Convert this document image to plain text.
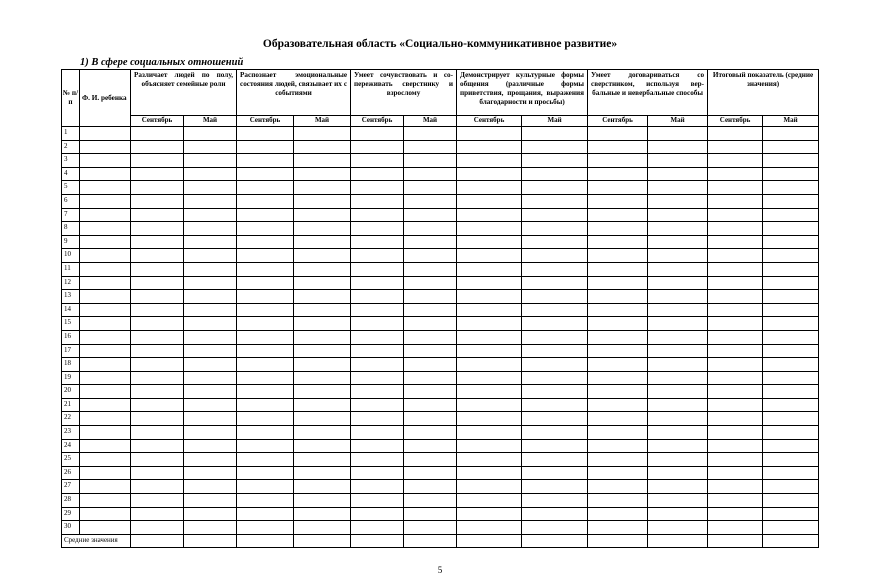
Образовательная область «Социально-коммуникативное развитие»
1) В сфере социальных отношений
№ п/п	Ф. И. ребенка	Различает людей по полу, объясняет семейные роли		Распознает эмоциональные состояния людей, связывает их с событиями		Умеет сочувствовать и сопереживать сверстнику и взрослому		Демонстрирует культурные формы общения (различные формы приветствия, прощания, выражения благодарности и просьбы)		Умеет договариваться со сверстником, используя вербальные и невербальные способы		Итоговый показатель (средние значения)	
		Сентябрь	Май	Сентябрь	Май	Сентябрь	Май	Сентябрь	Май	Сентябрь	Май	Сентябрь	Май
1													
2													
3													
4													
5													
6													
7													
8													
9													
10													
11													
12													
13													
14													
15													
16													
17													
18													
19													
20													
21													
22													
23													
24													
25													
26													
27													
28													
29													
30													
Средние значения													
5
